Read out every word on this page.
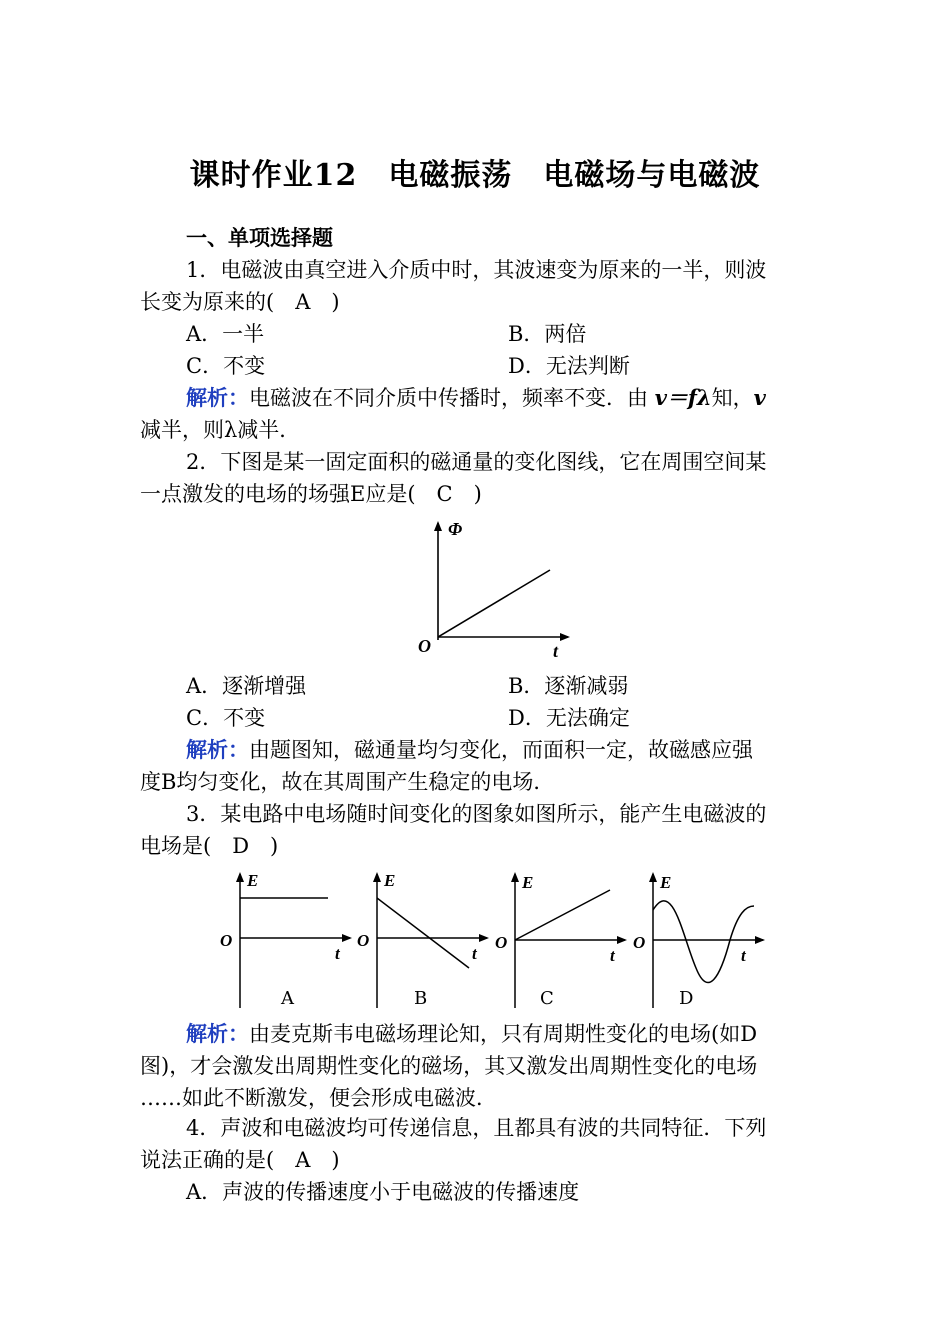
课时作业12　电磁振荡　电磁场与电磁波
一、单项选择题
1．电磁波由真空进入介质中时，其波速变为原来的一半，则波
长变为原来的(　A　)
A．一半	B．两倍
C．不变	D．无法判断
解析：电磁波在不同介质中传播时，频率不变．由 v＝fλ知，v
减半，则λ减半．
2．下图是某一固定面积的磁通量的变化图线，它在周围空间某
一点激发的电场的场强E应是(　C　)
Φ
t
O
A．逐渐增强	B．逐渐减弱
C．不变	D．无法确定
解析：由题图知，磁通量均匀变化，而面积一定，故磁感应强
度B均匀变化，故在其周围产生稳定的电场．
3．某电路中电场随时间变化的图象如图所示，能产生电磁波的
电场是(　D　)
E
t
O
A
E
t
O
B
E
t
O
C
E
t
O
D
解析：由麦克斯韦电磁场理论知，只有周期性变化的电场(如D
图)，才会激发出周期性变化的磁场，其又激发出周期性变化的电场
……如此不断激发，便会形成电磁波．
4．声波和电磁波均可传递信息，且都具有波的共同特征．下列
说法正确的是(　A　)
A．声波的传播速度小于电磁波的传播速度
